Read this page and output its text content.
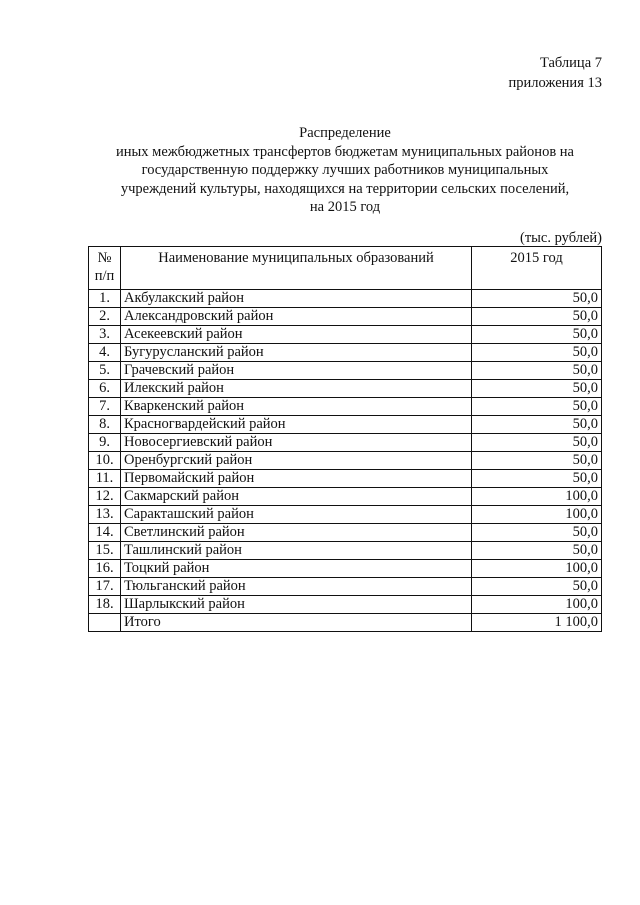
Таблица 7
приложения 13
Распределение
иных межбюджетных трансфертов бюджетам муниципальных районов на
государственную поддержку лучших работников муниципальных
учреждений культуры, находящихся на территории сельских поселений,
на 2015 год
(тыс. рублей)
№
п/п	Наименование муниципальных образований	2015 год
1.	Акбулакский район	50,0
2.	Александровский район	50,0
3.	Асекеевский район	50,0
4.	Бугурусланский район	50,0
5.	Грачевский район	50,0
6.	Илекский район	50,0
7.	Кваркенский район	50,0
8.	Красногвардейский район	50,0
9.	Новосергиевский район	50,0
10.	Оренбургский район	50,0
11.	Первомайский район	50,0
12.	Сакмарский район	100,0
13.	Саракташский район	100,0
14.	Светлинский район	50,0
15.	Ташлинский район	50,0
16.	Тоцкий район	100,0
17.	Тюльганский район	50,0
18.	Шарлыкский район	100,0
	Итого	1 100,0
